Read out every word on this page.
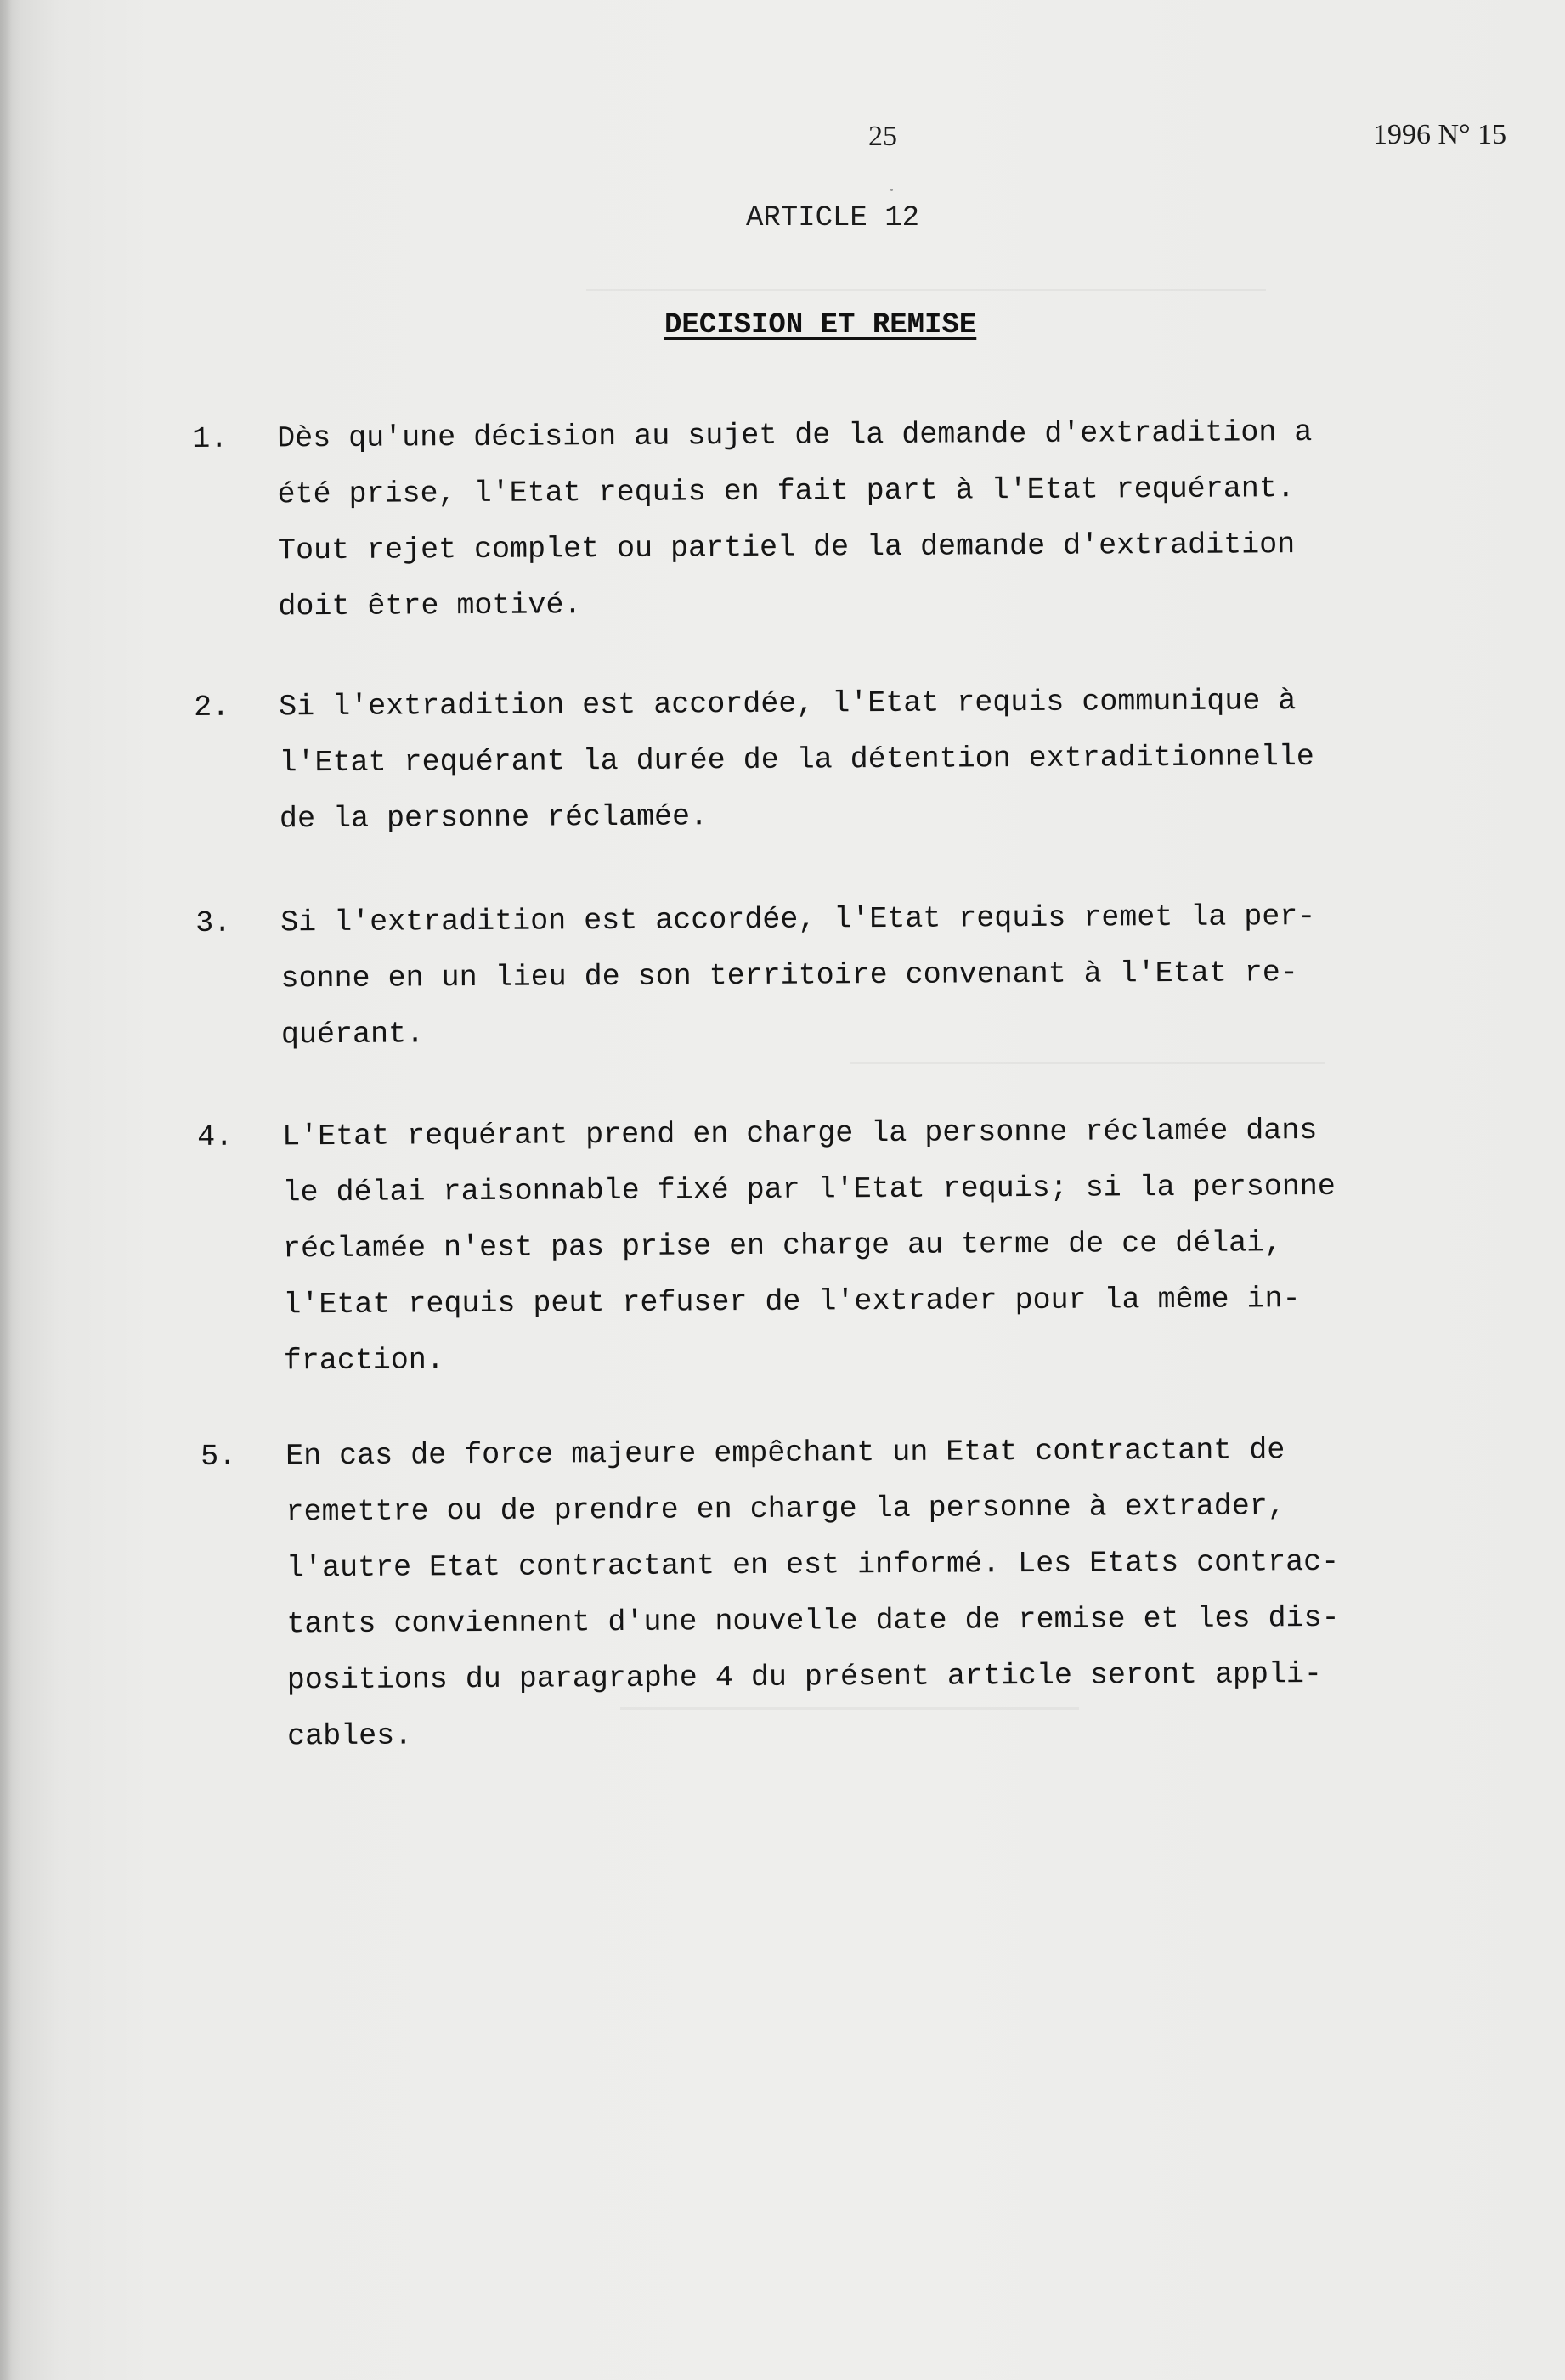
25	1996 N° 15
ARTICLE 12
DECISION ET REMISE
1.	Dès qu'une décision au sujet de la demande d'extradition a
été prise, l'Etat requis en fait part à l'Etat requérant.
Tout rejet complet ou partiel de la demande d'extradition
doit être motivé.
2.	Si l'extradition est accordée, l'Etat requis communique à
l'Etat requérant la durée de la détention extraditionnelle
de la personne réclamée.
3.	Si l'extradition est accordée, l'Etat requis remet la per-
sonne en un lieu de son territoire convenant à l'Etat re-
quérant.
4.	L'Etat requérant prend en charge la personne réclamée dans
le délai raisonnable fixé par l'Etat requis; si la personne
réclamée n'est pas prise en charge au terme de ce délai,
l'Etat requis peut refuser de l'extrader pour la même in-
fraction.
5.	En cas de force majeure empêchant un Etat contractant de
remettre ou de prendre en charge la personne à extrader,
l'autre Etat contractant en est informé. Les Etats contrac-
tants conviennent d'une nouvelle date de remise et les dis-
positions du paragraphe 4 du présent article seront appli-
cables.
